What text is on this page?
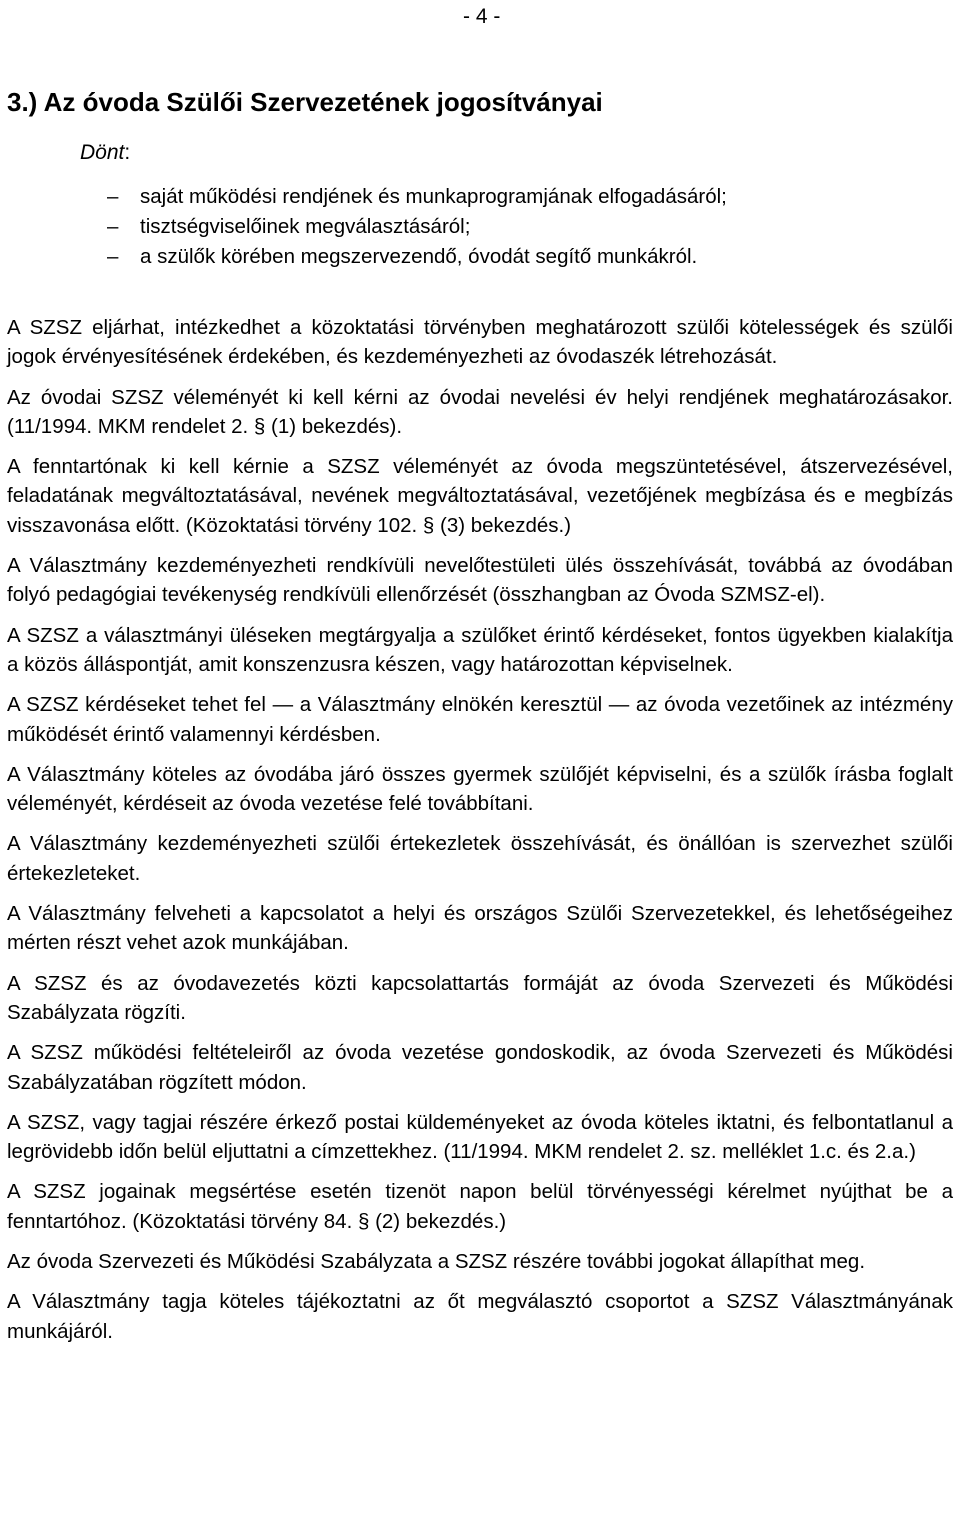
- 4 -
3.) Az óvoda Szülői Szervezetének jogosítványai
Dönt:
– saját működési rendjének és munkaprogramjának elfogadásáról;
– tisztségviselőinek megválasztásáról;
– a szülők körében megszervezendő, óvodát segítő munkákról.

A SZSZ eljárhat, intézkedhet a közoktatási törvényben meghatározott szülői kötelességek és szülői jogok érvényesítésének érdekében, és kezdeményezheti az óvodaszék létrehozását.

Az óvodai SZSZ véleményét ki kell kérni az óvodai nevelési év helyi rendjének meghatározásakor. (11/1994. MKM rendelet 2. § (1) bekezdés).

A fenntartónak ki kell kérnie a SZSZ véleményét az óvoda megszüntetésével, átszervezésével, feladatának megváltoztatásával, nevének megváltoztatásával, vezetőjének megbízása és e megbízás visszavonása előtt. (Közoktatási törvény 102. § (3) bekezdés.)

A Választmány kezdeményezheti rendkívüli nevelőtestületi ülés összehívását, továbbá az óvodában folyó pedagógiai tevékenység rendkívüli ellenőrzését (összhangban az Óvoda SZMSZ-el).

A SZSZ a választmányi üléseken megtárgyalja a szülőket érintő kérdéseket, fontos ügyekben kialakítja a közös álláspontját, amit konszenzusra készen, vagy határozottan képviselnek.

A SZSZ kérdéseket tehet fel — a Választmány elnökén keresztül — az óvoda vezetőinek az intézmény működését érintő valamennyi kérdésben.

A Választmány köteles az óvodába járó összes gyermek szülőjét képviselni, és a szülők írásba foglalt véleményét, kérdéseit az óvoda vezetése felé továbbítani.

A Választmány kezdeményezheti szülői értekezletek összehívását, és önállóan is szervezhet szülői értekezleteket.

A Választmány felveheti a kapcsolatot a helyi és országos Szülői Szervezetekkel, és lehetőségeihez mérten részt vehet azok munkájában.

A SZSZ és az óvodavezetés közti kapcsolattartás formáját az óvoda Szervezeti és Működési Szabályzata rögzíti.

A SZSZ működési feltételeiről az óvoda vezetése gondoskodik, az óvoda Szervezeti és Működési Szabályzatában rögzített módon.

A SZSZ, vagy tagjai részére érkező postai küldeményeket az óvoda köteles iktatni, és felbontatlanul a legrövidebb időn belül eljuttatni a címzettekhez. (11/1994. MKM rendelet 2. sz. melléklet 1.c. és 2.a.)

A SZSZ jogainak megsértése esetén tizenöt napon belül törvényességi kérelmet nyújthat be a fenntartóhoz. (Közoktatási törvény 84. § (2) bekezdés.)

Az óvoda Szervezeti és Működési Szabályzata a SZSZ részére további jogokat állapíthat meg.

A Választmány tagja köteles tájékoztatni az őt megválasztó csoportot a SZSZ Választmányának munkájáról.
